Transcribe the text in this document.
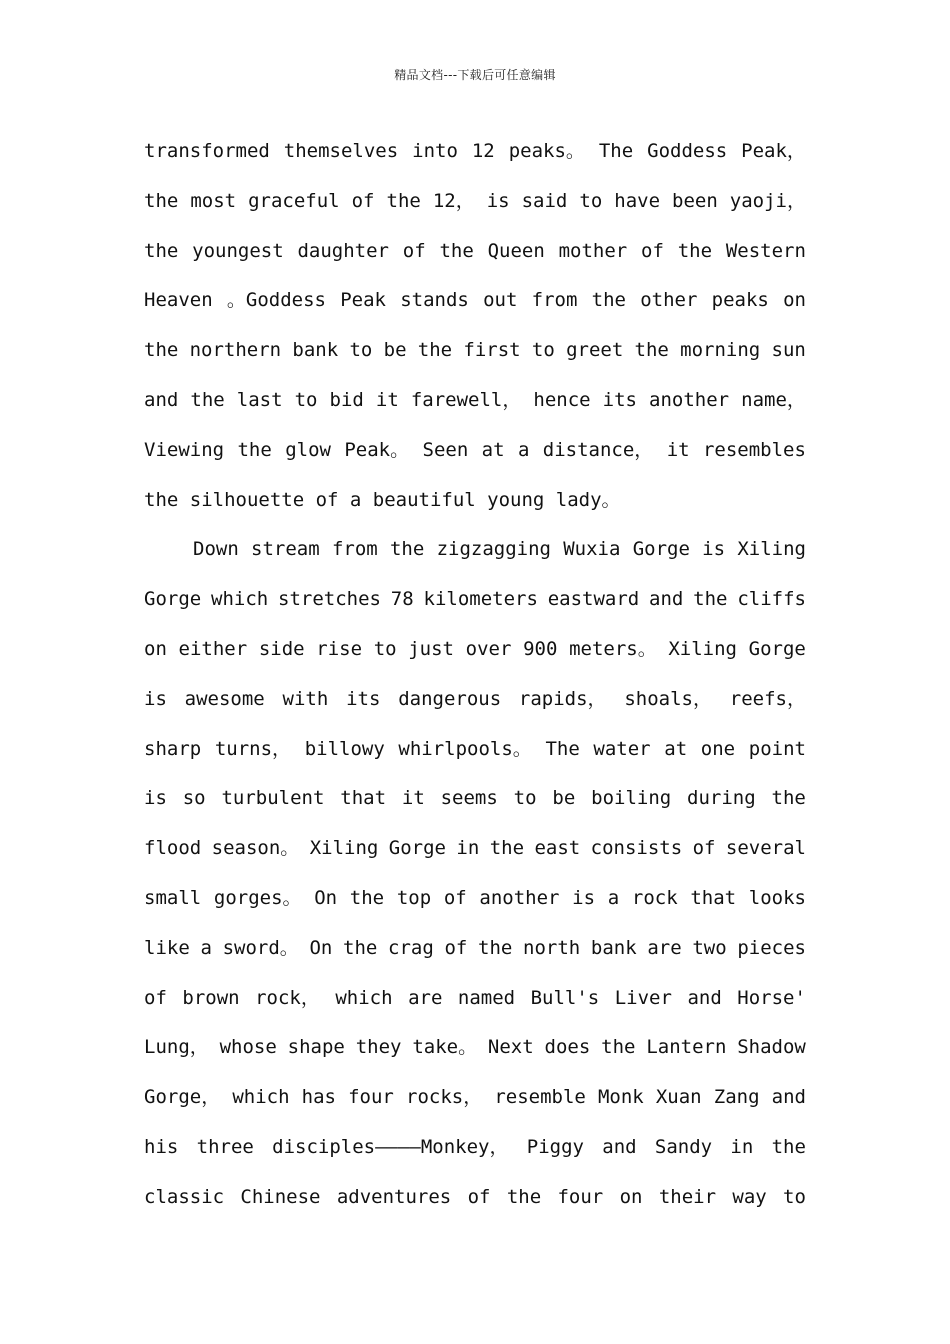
精品文档---下载后可任意编辑
transformed themselves into 12 peaks。 The Goddess Peak，
the most graceful of the 12， is said to have been yaoji，
the youngest daughter of the Queen mother of the Western
Heaven 。Goddess Peak stands out from the other peaks on
the northern bank to be the first to greet the morning sun
and the last to bid it farewell， hence its another name，
Viewing the glow Peak。 Seen at a distance， it resembles
the silhouette of a beautiful young lady。
Down stream from the zigzagging Wuxia Gorge is Xiling
Gorge which stretches 78 kilometers eastward and the cliffs
on either side rise to just over 900 meters。 Xiling Gorge
is awesome with its dangerous rapids， shoals， reefs，
sharp turns， billowy whirlpools。 The water at one point
is so turbulent that it seems to be boiling during the
flood season。 Xiling Gorge in the east consists of several
small gorges。 On the top of another is a rock that looks
like a sword。 On the crag of the north bank are two pieces
of brown rock， which are named Bull's Liver and Horse'
Lung， whose shape they take。 Next does the Lantern Shadow
Gorge， which has four rocks， resemble Monk Xuan Zang and
his three disciples————Monkey， Piggy and Sandy in the
classic Chinese adventures of the four on their way to
